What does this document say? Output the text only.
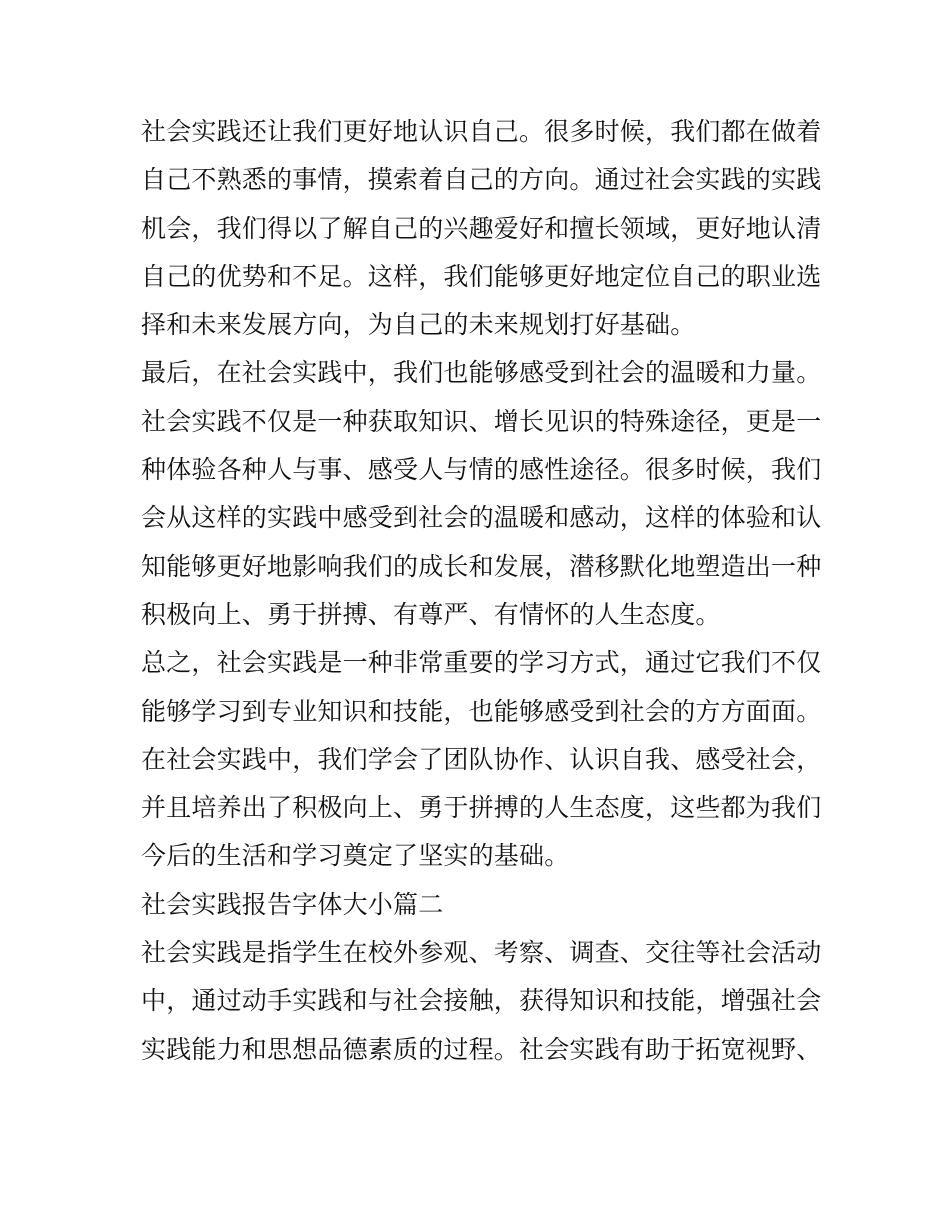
社会实践还让我们更好地认识自己。很多时候，我们都在做着
自己不熟悉的事情，摸索着自己的方向。通过社会实践的实践
机会，我们得以了解自己的兴趣爱好和擅长领域，更好地认清
自己的优势和不足。这样，我们能够更好地定位自己的职业选
择和未来发展方向，为自己的未来规划打好基础。
最后，在社会实践中，我们也能够感受到社会的温暖和力量。
社会实践不仅是一种获取知识、增长见识的特殊途径，更是一
种体验各种人与事、感受人与情的感性途径。很多时候，我们
会从这样的实践中感受到社会的温暖和感动，这样的体验和认
知能够更好地影响我们的成长和发展，潜移默化地塑造出一种
积极向上、勇于拼搏、有尊严、有情怀的人生态度。
总之，社会实践是一种非常重要的学习方式，通过它我们不仅
能够学习到专业知识和技能，也能够感受到社会的方方面面。
在社会实践中，我们学会了团队协作、认识自我、感受社会，
并且培养出了积极向上、勇于拼搏的人生态度，这些都为我们
今后的生活和学习奠定了坚实的基础。
社会实践报告字体大小篇二
社会实践是指学生在校外参观、考察、调查、交往等社会活动
中，通过动手实践和与社会接触，获得知识和技能，增强社会
实践能力和思想品德素质的过程。社会实践有助于拓宽视野、
